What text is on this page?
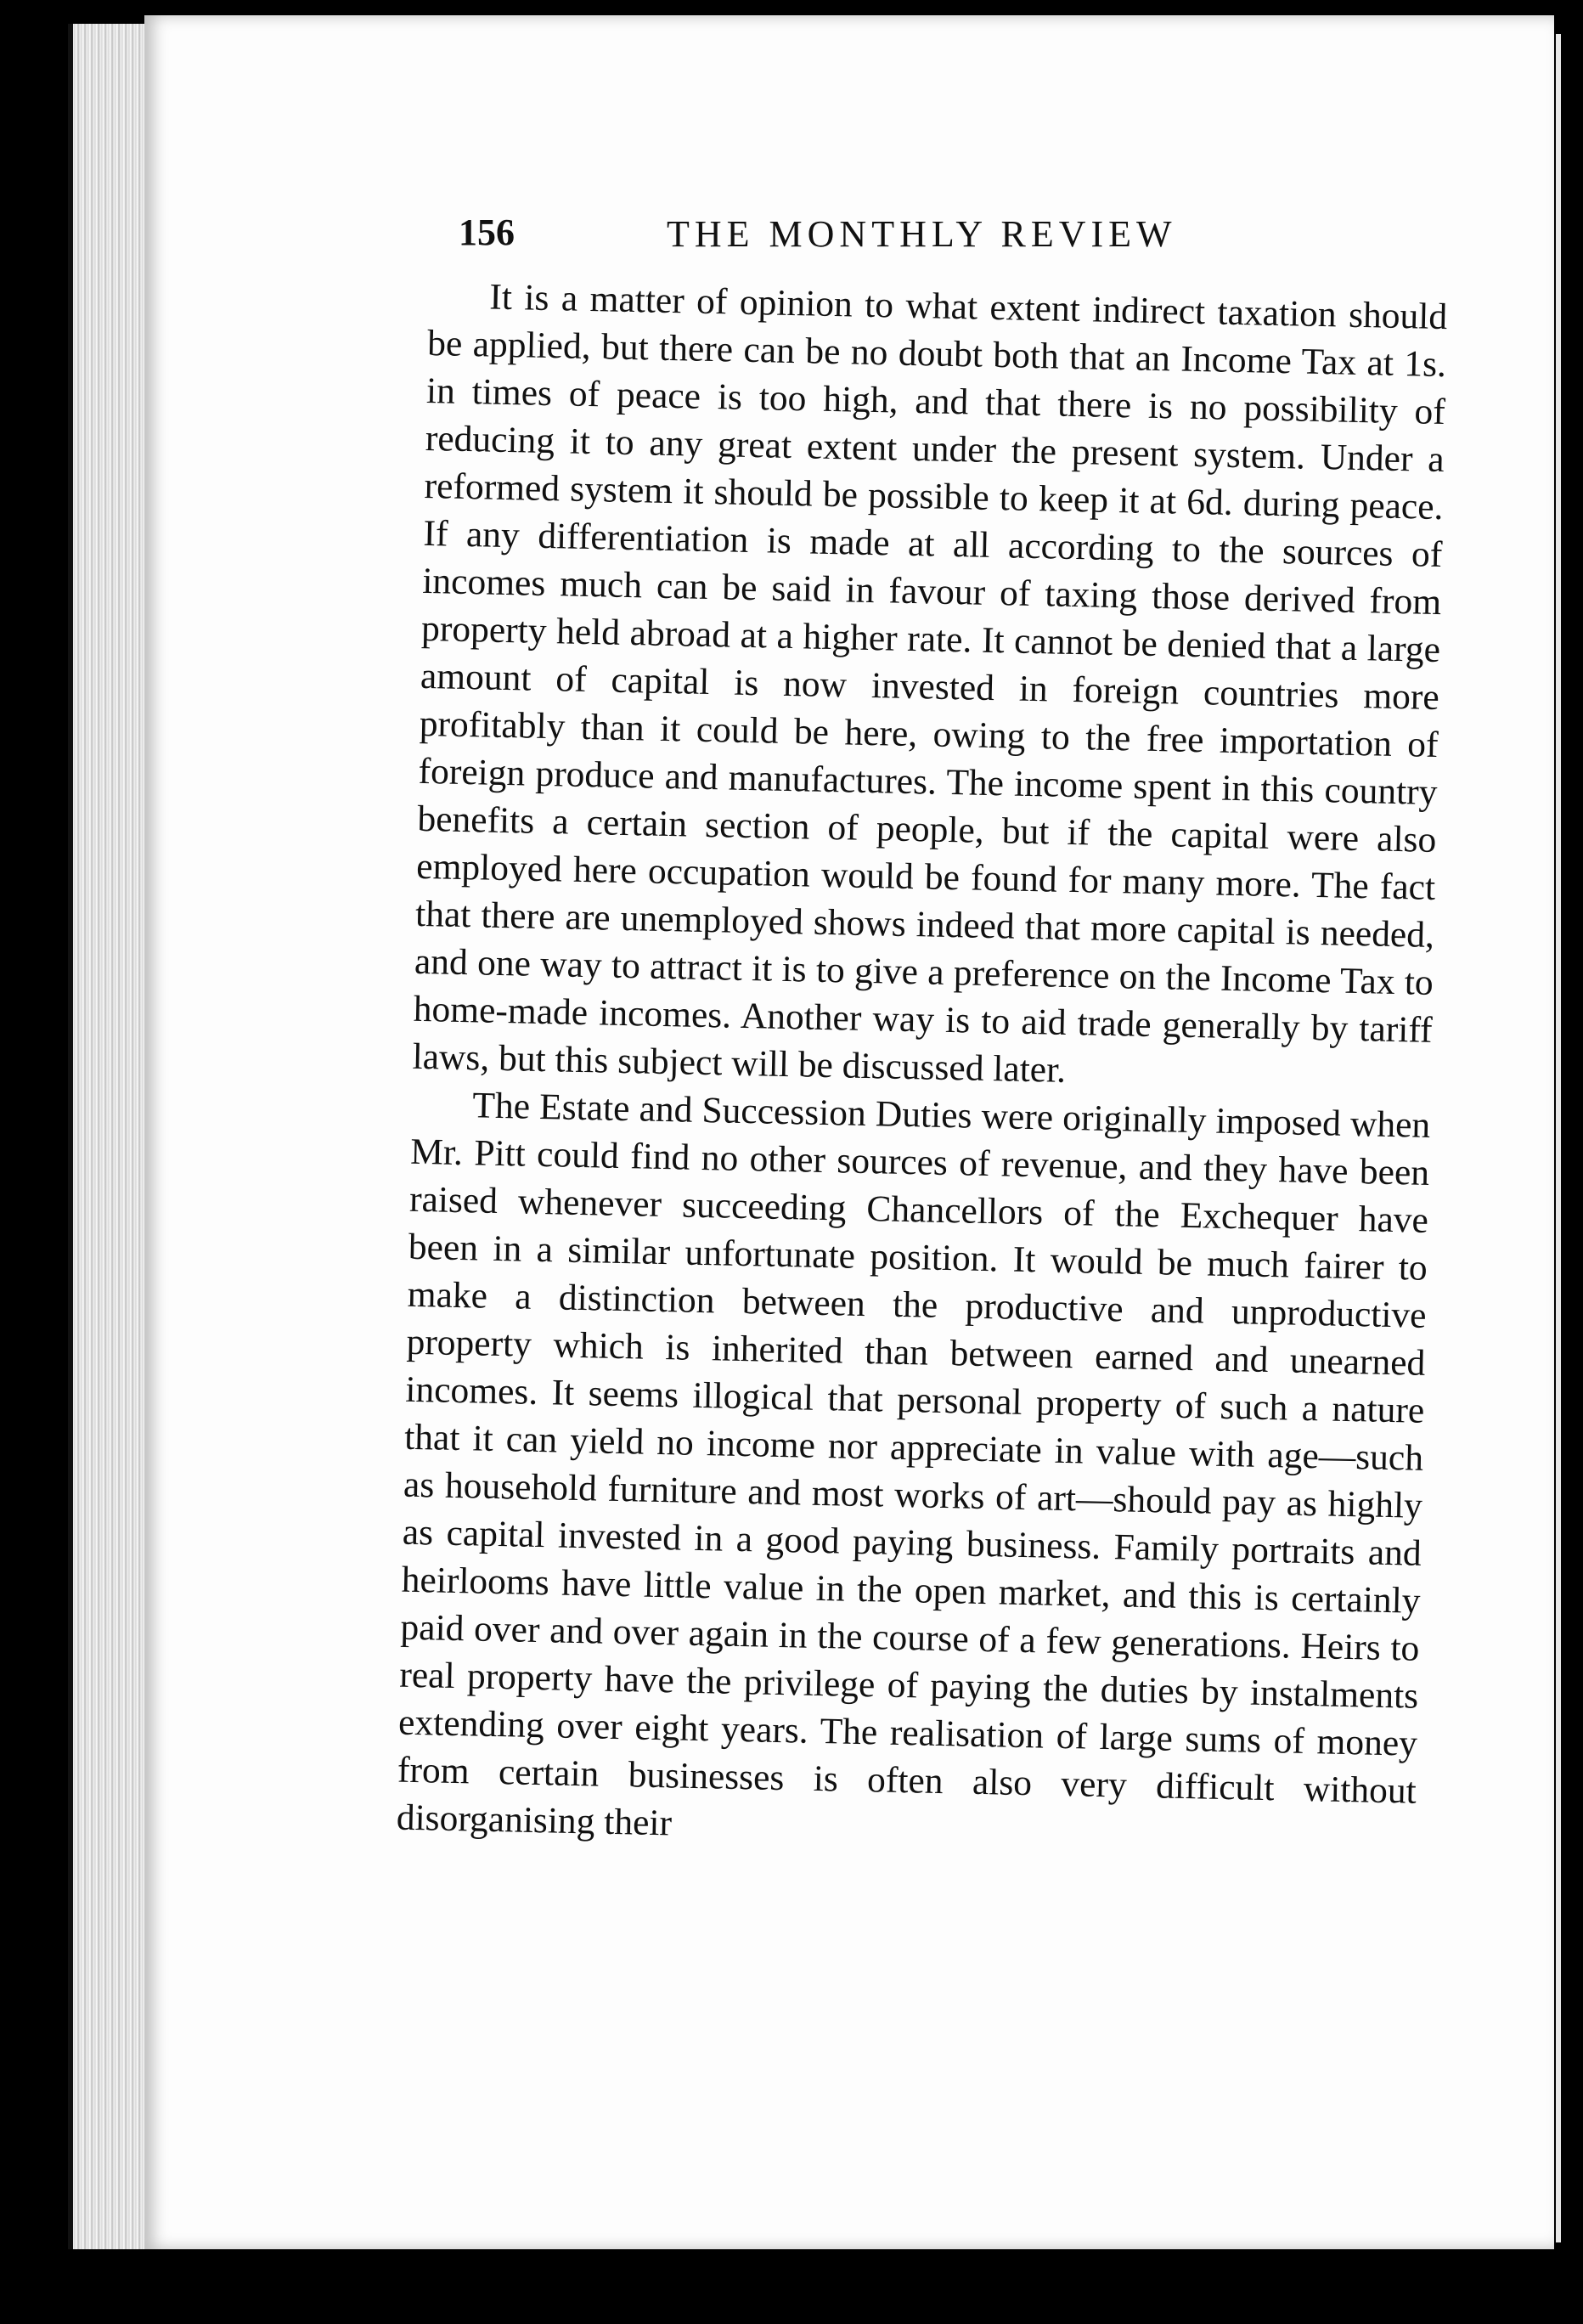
156	THE MONTHLY REVIEW

It is a matter of opinion to what extent indirect taxation should be applied, but there can be no doubt both that an Income Tax at 1s. in times of peace is too high, and that there is no possibility of reducing it to any great extent under the present system. Under a reformed system it should be possible to keep it at 6d. during peace. If any differentiation is made at all according to the sources of incomes much can be said in favour of taxing those derived from property held abroad at a higher rate. It cannot be denied that a large amount of capital is now invested in foreign countries more profitably than it could be here, owing to the free importation of foreign produce and manufactures. The income spent in this country benefits a certain section of people, but if the capital were also employed here occupation would be found for many more. The fact that there are unemployed shows indeed that more capital is needed, and one way to attract it is to give a preference on the Income Tax to home-made incomes. Another way is to aid trade generally by tariff laws, but this subject will be discussed later.

The Estate and Succession Duties were originally imposed when Mr. Pitt could find no other sources of revenue, and they have been raised whenever succeeding Chancellors of the Exchequer have been in a similar unfortunate position. It would be much fairer to make a distinction between the productive and unproductive property which is inherited than between earned and unearned incomes. It seems illogical that personal property of such a nature that it can yield no income nor appreciate in value with age—such as household furniture and most works of art—should pay as highly as capital invested in a good paying business. Family portraits and heirlooms have little value in the open market, and this is certainly paid over and over again in the course of a few generations. Heirs to real property have the privilege of paying the duties by instalments extending over eight years. The realisation of large sums of money from certain businesses is often also very difficult without disorganising their
